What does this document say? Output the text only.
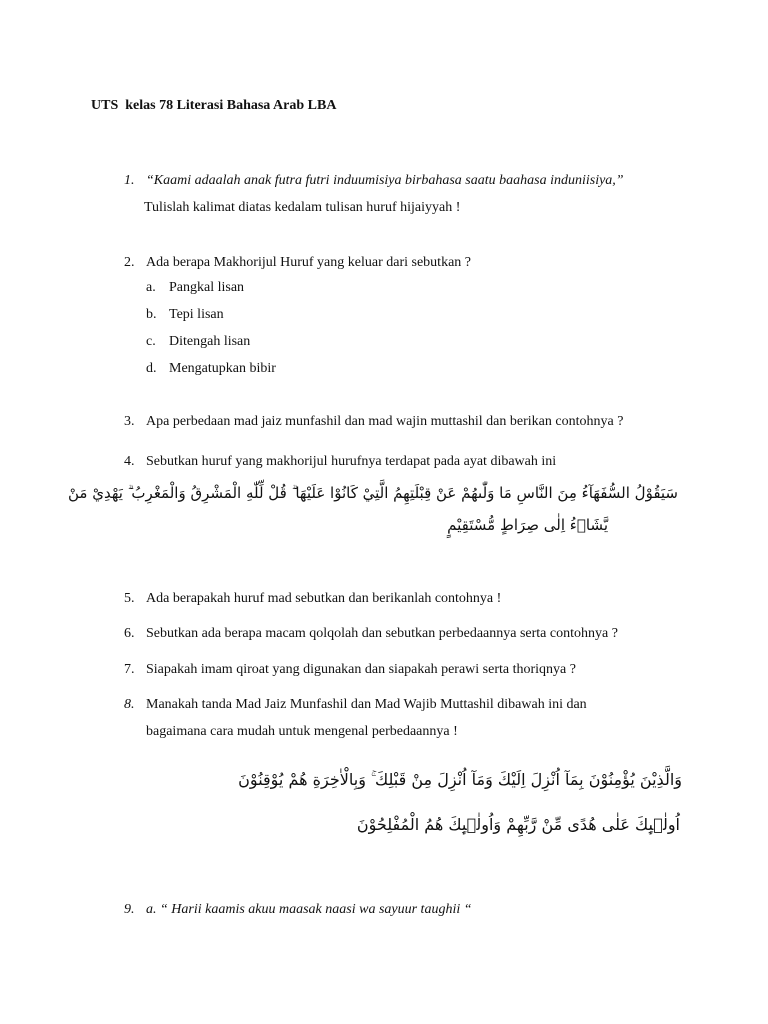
UTS  kelas 78 Literasi Bahasa Arab LBA
1. “Kaami adaalah anak futra futri induumisiya birbahasa saatu baahasa induniisiya,”
Tulislah kalimat diatas kedalam tulisan huruf hijaiyyah !
2. Ada berapa Makhorijul Huruf yang keluar dari sebutkan ?
a. Pangkal lisan
b. Tepi lisan
c. Ditengah lisan
d. Mengatupkan bibir
3. Apa perbedaan mad jaiz munfashil dan mad wajin muttashil dan berikan contohnya ?
4. Sebutkan huruf yang makhorijul hurufnya terdapat pada ayat dibawah ini
سَيَقُوْلُ السُّفَهَآءُ مِنَ النَّاسِ مَا وَلّٰىهُمْ عَنْ قِبْلَتِهِمُ الَّتِيْ كَانُوْا عَلَيْهَا ۗ قُلْ لِّلّٰهِ الْمَشْرِقُ وَالْمَغْرِبُ ۗ يَهْدِيْ مَنْ
يَّشَاۤءُ اِلٰى صِرَاطٍ مُّسْتَقِيْمٍ
5. Ada berapakah huruf mad sebutkan dan berikanlah contohnya !
6. Sebutkan ada berapa macam qolqolah dan sebutkan perbedaannya serta contohnya ?
7. Siapakah imam qiroat yang digunakan dan siapakah perawi serta thoriqnya ?
8. Manakah tanda Mad Jaiz Munfashil dan Mad Wajib Muttashil dibawah ini dan
bagaimana cara mudah untuk mengenal perbedaannya !
وَالَّذِيْنَ يُؤْمِنُوْنَ بِمَآ اُنْزِلَ اِلَيْكَ وَمَآ اُنْزِلَ مِنْ قَبْلِكَ ۚ وَبِالْاٰخِرَةِ هُمْ يُوْقِنُوْنَ
اُولٰۤىِٕكَ عَلٰى هُدًى مِّنْ رَّبِّهِمْ وَاُولٰۤىِٕكَ هُمُ الْمُفْلِحُوْنَ
9. a. “ Harii kaamis akuu maasak naasi wa sayuur taughii “
